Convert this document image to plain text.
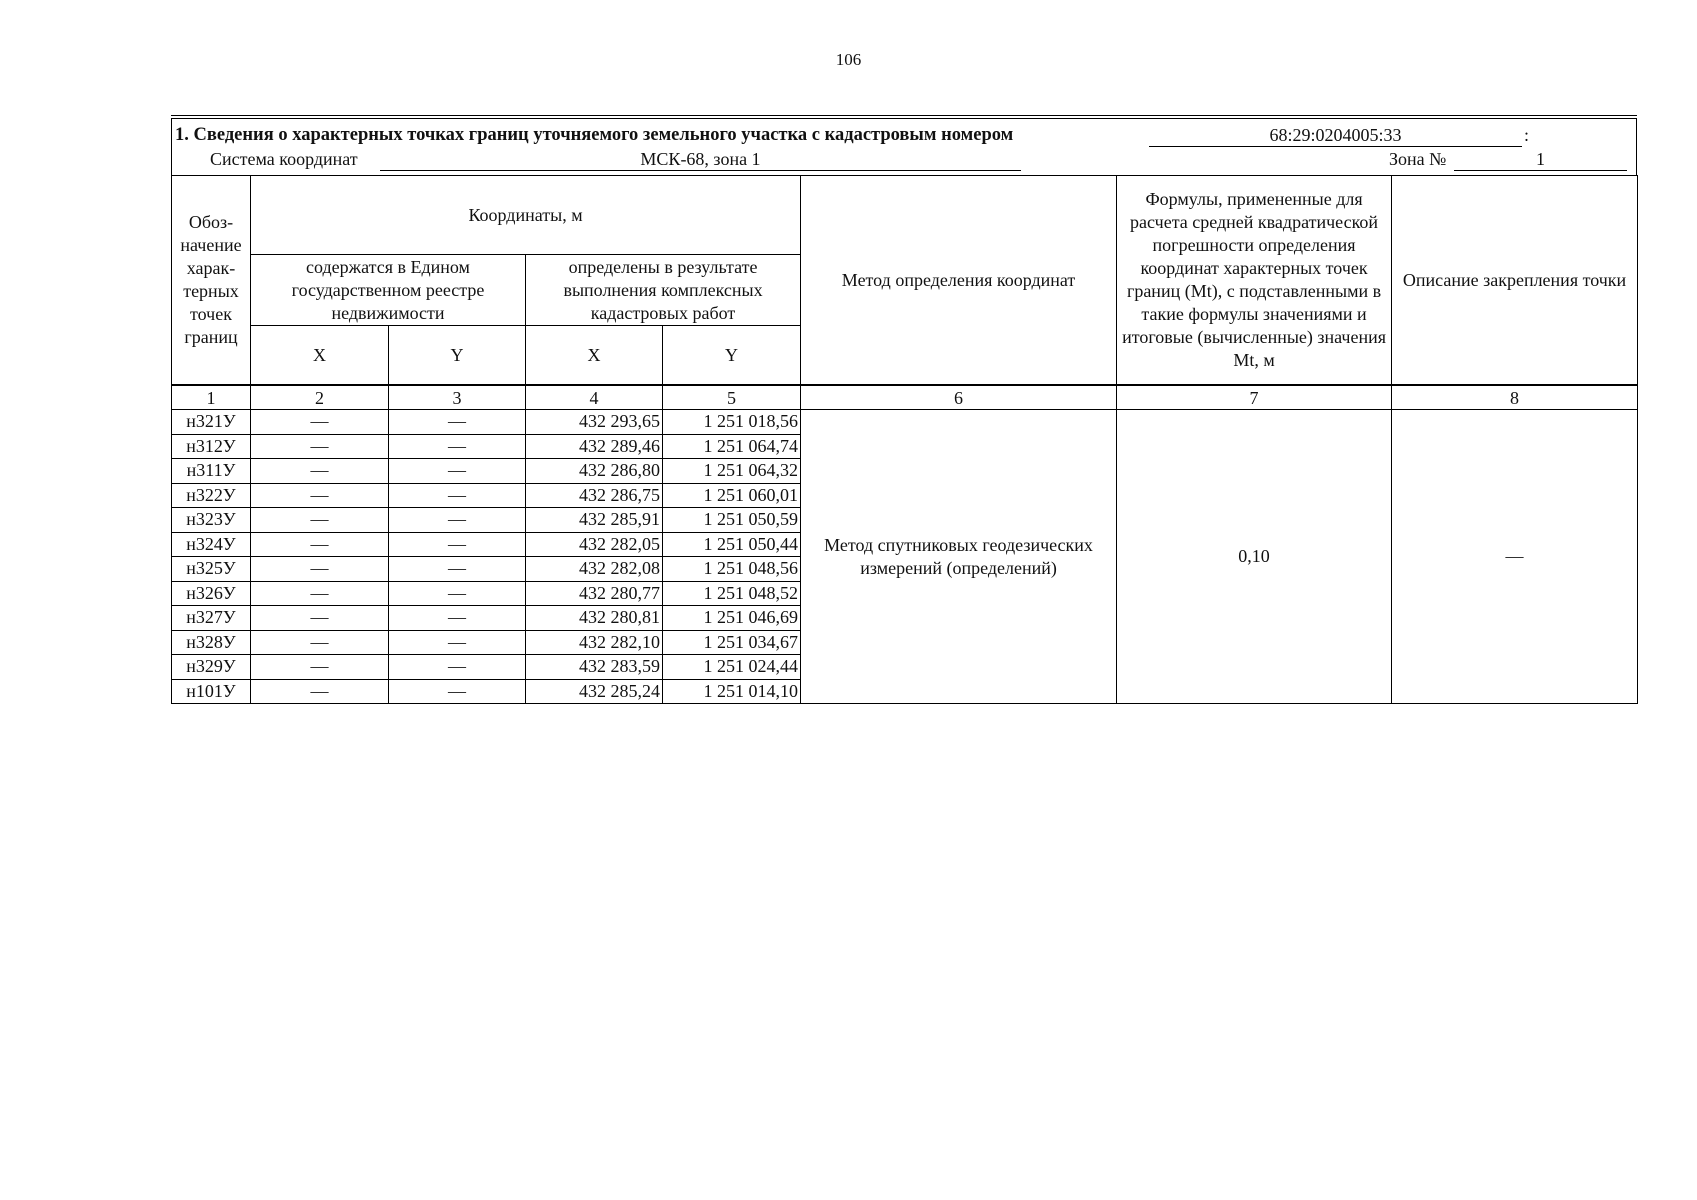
106
1. Сведения о характерных точках границ уточняемого земельного участка с кадастровым номером	68:29:0204005:33	:
Система координат	МСК-68, зона 1	Зона №	1
Обоз-начение харак-терных точек границ	Координаты, м				Метод определения координат	Формулы, примененные для расчета средней квадратической погрешности определения координат характерных точек границ (Mt), с подставленными в такие формулы значениями и итоговые (вычисленные) значения Mt, м	Описание закрепления точки
	содержатся в Едином государственном реестре недвижимости		определены в результате выполнения комплексных кадастровых работ				
	X	Y	X	Y			
1	2	3	4	5	6	7	8
н321У	—	—	432 293,65	1 251 018,56	Метод спутниковых геодезических измерений (определений)	0,10	—
н312У	—	—	432 289,46	1 251 064,74			
н311У	—	—	432 286,80	1 251 064,32			
н322У	—	—	432 286,75	1 251 060,01			
н323У	—	—	432 285,91	1 251 050,59			
н324У	—	—	432 282,05	1 251 050,44			
н325У	—	—	432 282,08	1 251 048,56			
н326У	—	—	432 280,77	1 251 048,52			
н327У	—	—	432 280,81	1 251 046,69			
н328У	—	—	432 282,10	1 251 034,67			
н329У	—	—	432 283,59	1 251 024,44			
н101У	—	—	432 285,24	1 251 014,10			
